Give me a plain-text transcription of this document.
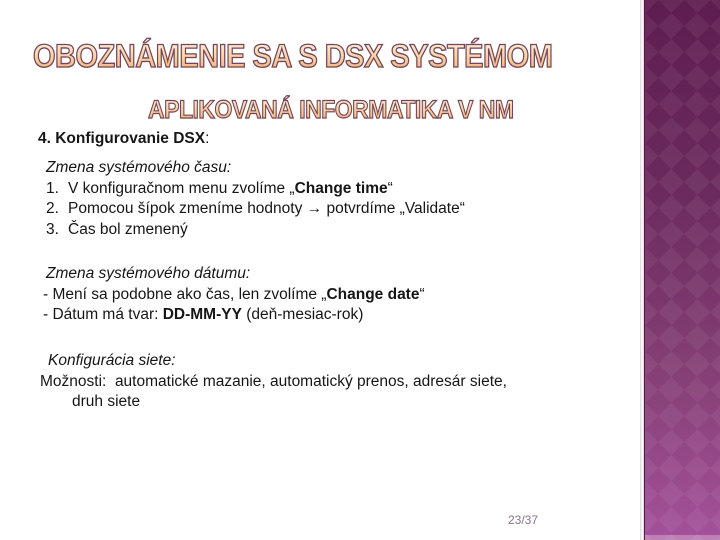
OBOZNÁMENIE SA S DSX SYSTÉMOM
APLIKOVANÁ INFORMATIKA V NM
4. Konfigurovanie DSX:
Zmena systémového času:
1. V konfiguračnom menu zvolíme „Change time“
2. Pomocou šípok zmeníme hodnoty → potvrdíme „Validate“
3. Čas bol zmenený
Zmena systémového dátumu:
- Mení sa podobne ako čas, len zvolíme „Change date“
- Dátum má tvar: DD-MM-YY (deň-mesiac-rok)
Konfigurácia siete:
Možnosti:  automatické mazanie, automatický prenos, adresár siete,
druh siete
23/37
